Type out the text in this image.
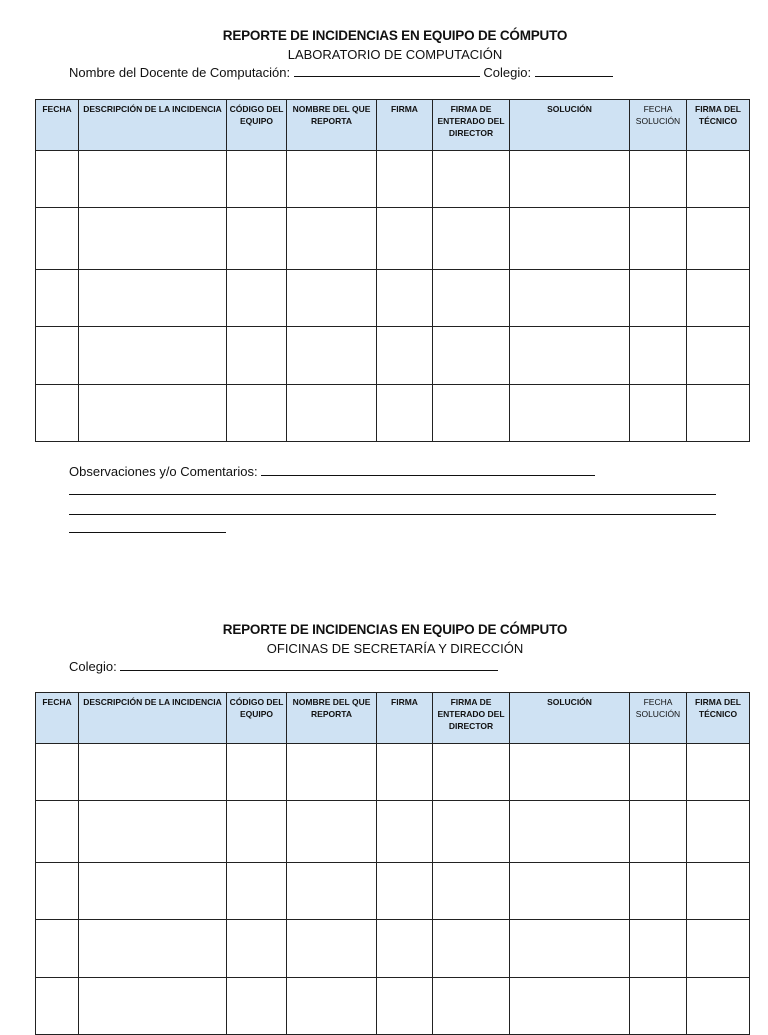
REPORTE DE INCIDENCIAS EN EQUIPO DE CÓMPUTO
LABORATORIO DE COMPUTACIÓN
Nombre del Docente de Computación:	Colegio:
FECHA	DESCRIPCIÓN DE LA INCIDENCIA	CÓDIGO DEL EQUIPO	NOMBRE DEL QUE REPORTA	FIRMA	FIRMA DE ENTERADO DEL DIRECTOR	SOLUCIÓN	FECHA SOLUCIÓN	FIRMA DEL TÉCNICO

Observaciones y/o Comentarios:
REPORTE DE INCIDENCIAS EN EQUIPO DE CÓMPUTO
OFICINAS DE SECRETARÍA Y DIRECCIÓN
Colegio:
FECHA	DESCRIPCIÓN DE LA INCIDENCIA	CÓDIGO DEL EQUIPO	NOMBRE DEL QUE REPORTA	FIRMA	FIRMA DE ENTERADO DEL DIRECTOR	SOLUCIÓN	FECHA SOLUCIÓN	FIRMA DEL TÉCNICO
